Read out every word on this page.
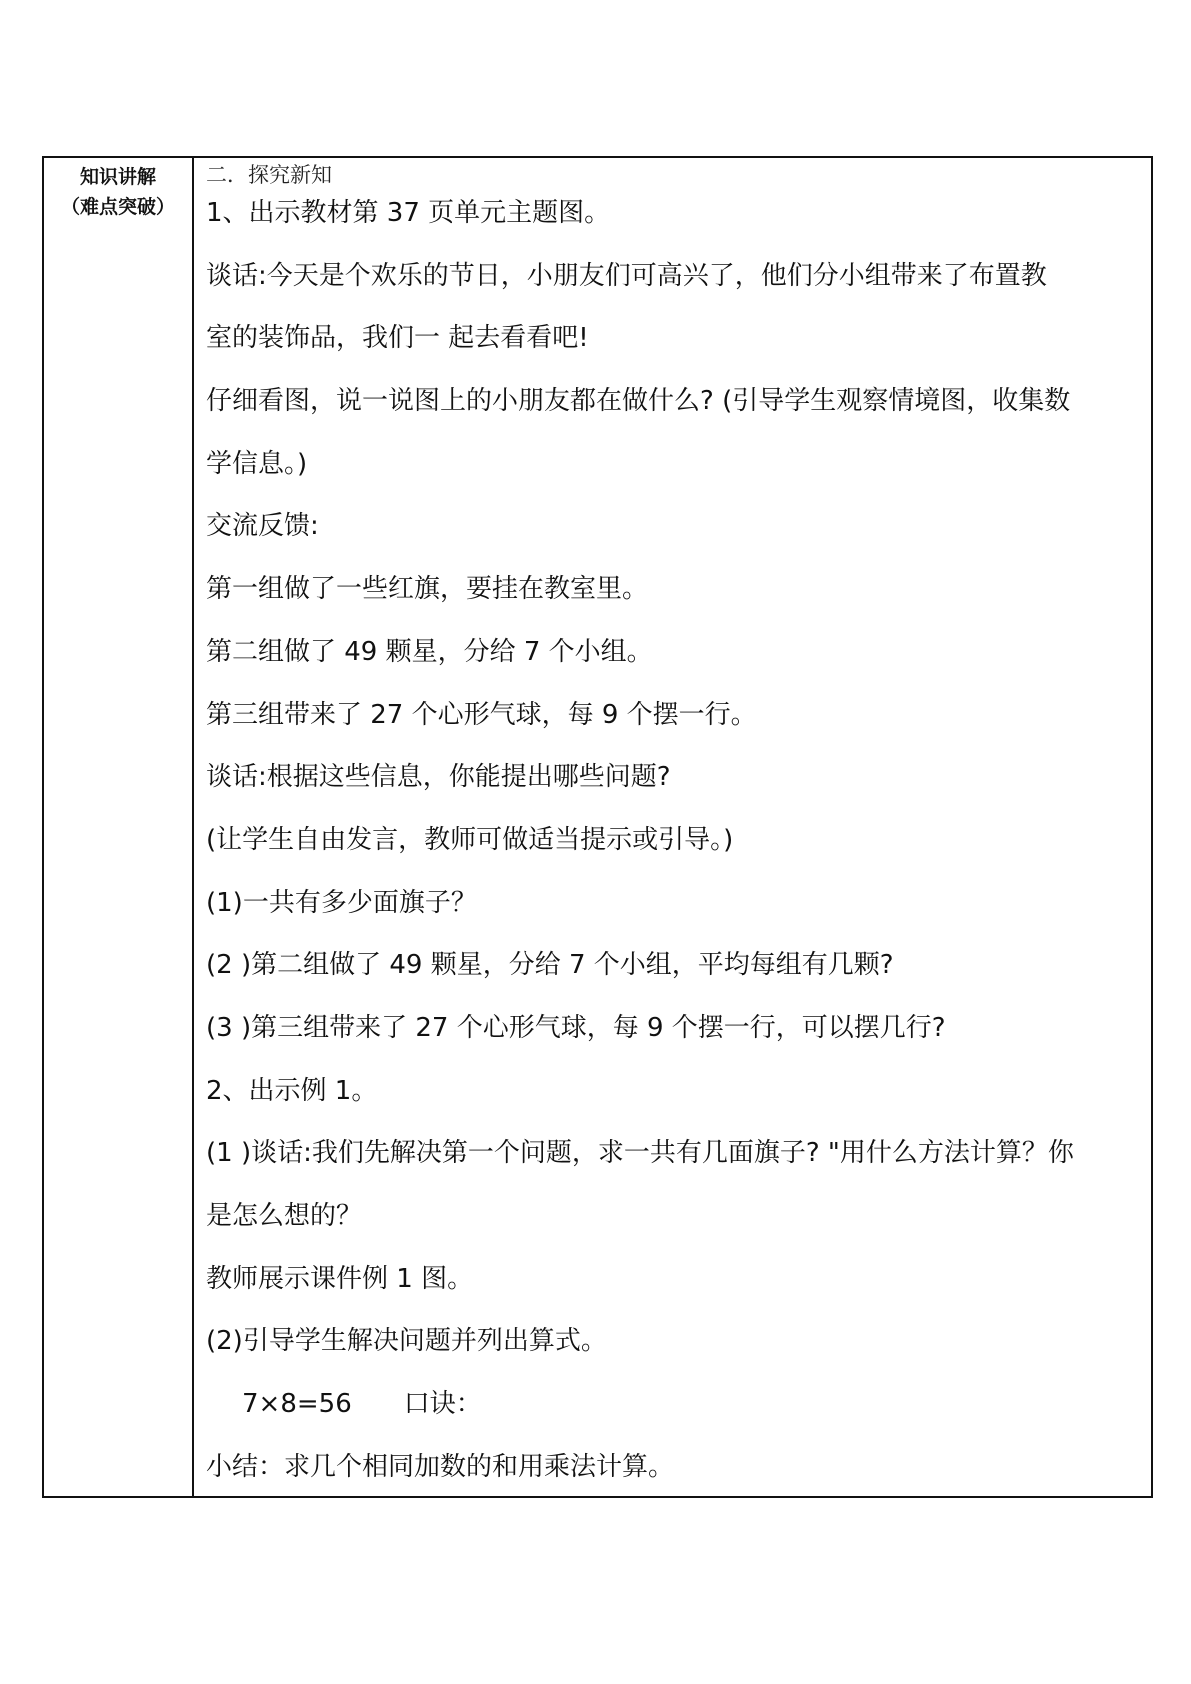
知识讲解
（难点突破）
二．探究新知
1、出示教材第 37 页单元主题图。
谈话:今天是个欢乐的节日，小朋友们可高兴了，他们分小组带来了布置教
室的装饰品，我们一 起去看看吧!
仔细看图，说一说图上的小朋友都在做什么? (引导学生观察情境图，收集数
学信息。)
交流反馈:
第一组做了一些红旗，要挂在教室里。
第二组做了 49 颗星，分给 7 个小组。
第三组带来了 27 个心形气球，每 9 个摆一行。
谈话:根据这些信息，你能提出哪些问题?
(让学生自由发言，教师可做适当提示或引导。)
(1)一共有多少面旗子？
(2 )第二组做了 49 颗星，分给 7 个小组，平均每组有几颗?
(3 )第三组带来了 27 个心形气球，每 9 个摆一行，可以摆几行?
2、出示例 1。
(1 )谈话:我们先解决第一个问题，求一共有几面旗子? "用什么方法计算？你
是怎么想的？
教师展示课件例 1 图。
(2)引导学生解决问题并列出算式。
7×8=56　　口诀：
小结：求几个相同加数的和用乘法计算。
